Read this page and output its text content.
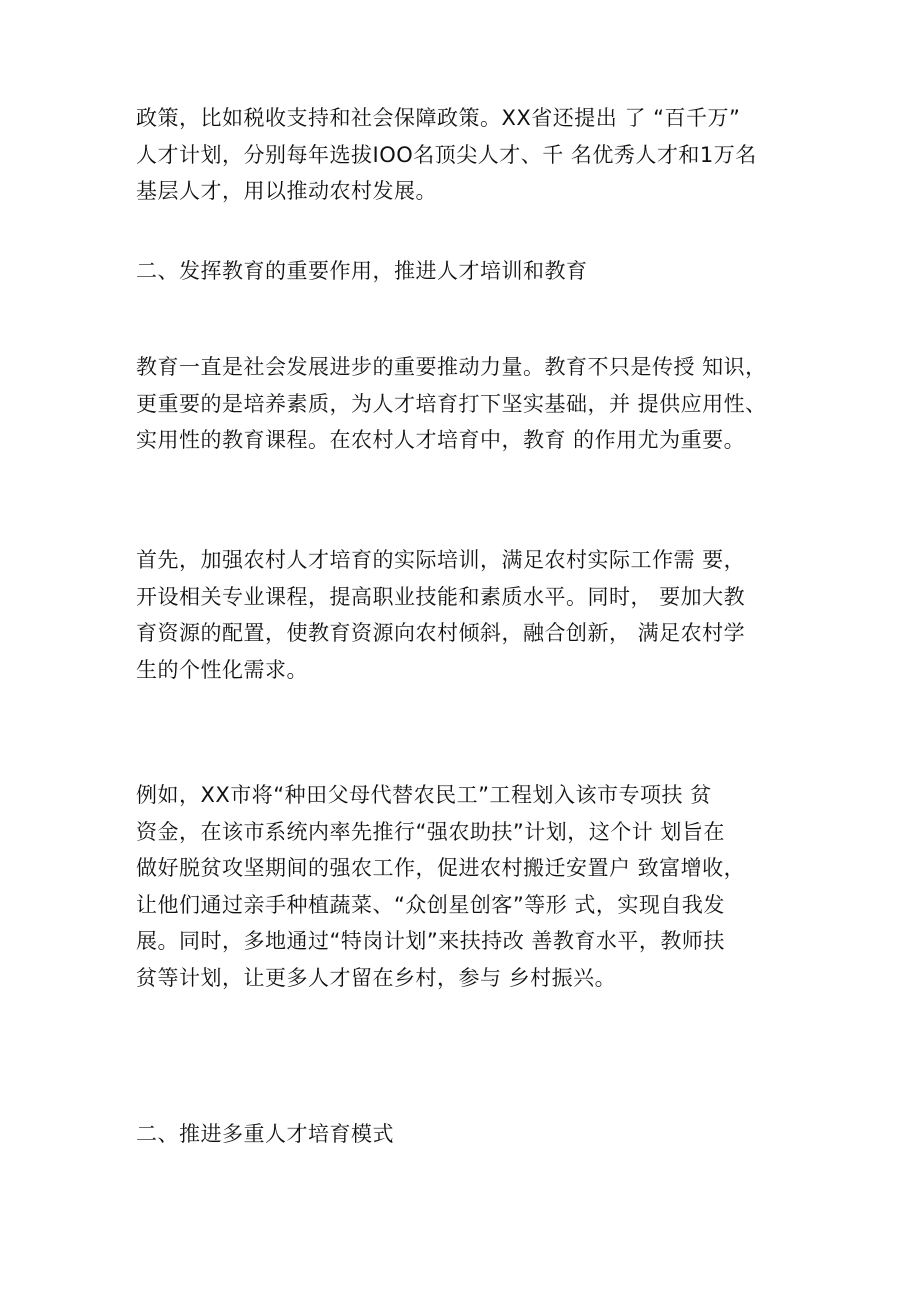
政策，比如税收支持和社会保障政策。XX省还提出 了 “百千万”
人才计划，分别每年选拔IOO名顶尖人才、千 名优秀人才和1万名
基层人才，用以推动农村发展。

二、发挥教育的重要作用，推进人才培训和教育

教育一直是社会发展进步的重要推动力量。教育不只是传授 知识，
更重要的是培养素质，为人才培育打下坚实基础，并 提供应用性、
实用性的教育课程。在农村人才培育中，教育 的作用尤为重要。

首先，加强农村人才培育的实际培训，满足农村实际工作需 要，
开设相关专业课程，提高职业技能和素质水平。同时， 要加大教
育资源的配置，使教育资源向农村倾斜，融合创新， 满足农村学
生的个性化需求。

例如，XX市将“种田父母代替农民工”工程划入该市专项扶 贫
资金，在该市系统内率先推行“强农助扶”计划，这个计 划旨在
做好脱贫攻坚期间的强农工作，促进农村搬迁安置户 致富增收，
让他们通过亲手种植蔬菜、“众创星创客”等形 式，实现自我发
展。同时，多地通过“特岗计划”来扶持改 善教育水平，教师扶
贫等计划，让更多人才留在乡村，参与 乡村振兴。

二、推进多重人才培育模式
